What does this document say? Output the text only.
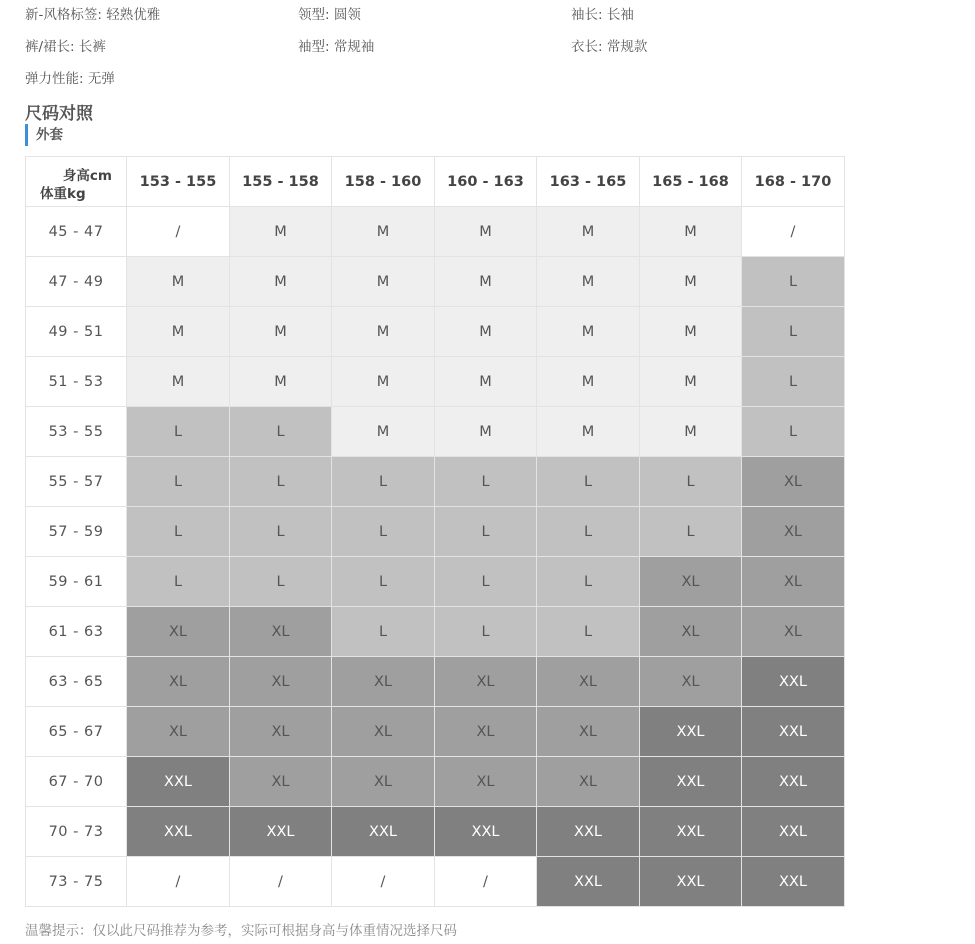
新-风格标签: 轻熟优雅	领型: 圆领	袖长: 长袖
裤/裙长: 长裤	袖型: 常规袖	衣长: 常规款
弹力性能: 无弹
尺码对照
外套
身高cm
体重kg	153 - 155	155 - 158	158 - 160	160 - 163	163 - 165	165 - 168	168 - 170
45 - 47	/	M	M	M	M	M	/
47 - 49	M	M	M	M	M	M	L
49 - 51	M	M	M	M	M	M	L
51 - 53	M	M	M	M	M	M	L
53 - 55	L	L	M	M	M	M	L
55 - 57	L	L	L	L	L	L	XL
57 - 59	L	L	L	L	L	L	XL
59 - 61	L	L	L	L	L	XL	XL
61 - 63	XL	XL	L	L	L	XL	XL
63 - 65	XL	XL	XL	XL	XL	XL	XXL
65 - 67	XL	XL	XL	XL	XL	XXL	XXL
67 - 70	XXL	XL	XL	XL	XL	XXL	XXL
70 - 73	XXL	XXL	XXL	XXL	XXL	XXL	XXL
73 - 75	/	/	/	/	XXL	XXL	XXL
温馨提示：仅以此尺码推荐为参考，实际可根据身高与体重情况选择尺码
